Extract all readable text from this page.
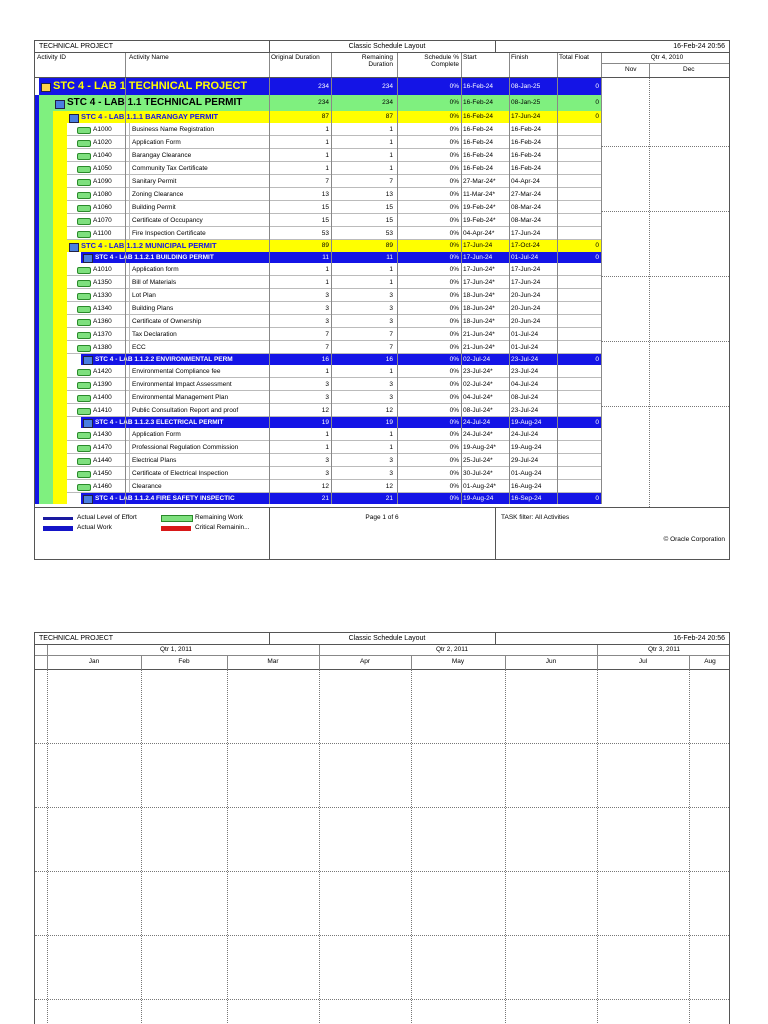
TECHNICAL PROJECT	Classic Schedule Layout	16-Feb-24 20:56
Activity ID	Activity Name	Original Duration	Remaining
Duration
Schedule %
Complete
Start	Finish	Total Float	Qtr 4, 2010
Nov	Dec
STC 4 - LAB 1 TECHNICAL PROJECT	234	234	0% 16-Feb-24	08-Jan-25	0
STC 4 - LAB 1.1 TECHNICAL PERMIT	234	234	0% 16-Feb-24	08-Jan-25	0
STC 4 - LAB 1.1.1 BARANGAY PERMIT	87	87	0% 16-Feb-24	17-Jun-24	0
A1000	Business Name Registration	1	1	0% 16-Feb-24	16-Feb-24
A1020	Application Form	1	1	0% 16-Feb-24	16-Feb-24
A1040	Barangay Clearance	1	1	0% 16-Feb-24	16-Feb-24
A1050	Community Tax Certificate	1	1	0% 16-Feb-24	16-Feb-24
A1090	Sanitary Permit	7	7	0% 27-Mar-24*	04-Apr-24
A1080	Zoning Clearance	13	13	0% 11-Mar-24*	27-Mar-24
A1060	Building Permit	15	15	0% 19-Feb-24*	08-Mar-24
A1070	Certificate of Occupancy	15	15	0% 19-Feb-24*	08-Mar-24
A1100	Fire Inspection Certificate	53	53	0% 04-Apr-24*	17-Jun-24
STC 4 - LAB 1.1.2 MUNICIPAL PERMIT	89	89	0% 17-Jun-24	17-Oct-24	0
STC 4 - LAB 1.1.2.1 BUILDING PERMIT	11	11	0% 17-Jun-24	01-Jul-24	0
A1010	Application form	1	1	0% 17-Jun-24*	17-Jun-24
A1350	Bill of Materials	1	1	0% 17-Jun-24*	17-Jun-24
A1330	Lot Plan	3	3	0% 18-Jun-24*	20-Jun-24
A1340	Building Plans	3	3	0% 18-Jun-24*	20-Jun-24
A1360	Certificate of Ownership	3	3	0% 18-Jun-24*	20-Jun-24
A1370	Tax Declaration	7	7	0% 21-Jun-24*	01-Jul-24
A1380	ECC	7	7	0% 21-Jun-24*	01-Jul-24
STC 4 - LAB 1.1.2.2 ENVIRONMENTAL PERM	16	16	0% 02-Jul-24	23-Jul-24	0
A1420	Environmental Compliance fee	1	1	0% 23-Jul-24*	23-Jul-24
A1390	Environmental Impact Assessment	3	3	0% 02-Jul-24*	04-Jul-24
A1400	Environmental Management Plan	3	3	0% 04-Jul-24*	08-Jul-24
A1410	Public Consultation Report and proof	12	12	0% 08-Jul-24*	23-Jul-24
STC 4 - LAB 1.1.2.3 ELECTRICAL PERMIT	19	19	0% 24-Jul-24	19-Aug-24	0
A1430	Application Form	1	1	0% 24-Jul-24*	24-Jul-24
A1470	Professional Regulation Commission	1	1	0% 19-Aug-24*	19-Aug-24
A1440	Electrical Plans	3	3	0% 25-Jul-24*	29-Jul-24
A1450	Certificate of Electrical Inspection	3	3	0% 30-Jul-24*	01-Aug-24
A1460	Clearance	12	12	0% 01-Aug-24*	16-Aug-24
STC 4 - LAB 1.1.2.4 FIRE SAFETY INSPECTIC	21	21	0% 19-Aug-24	16-Sep-24	0
Actual Level of Effort	Remaining Work
Actual Work	Critical Remainin...
Page 1 of 6	TASK filter: All Activities
© Oracle Corporation
TECHNICAL PROJECT	Classic Schedule Layout	16-Feb-24 20:56
Qtr 1, 2011	Qtr 2, 2011	Qtr 3, 2011
Jan	Feb	Mar	Apr	May	Jun	Jul	Aug
